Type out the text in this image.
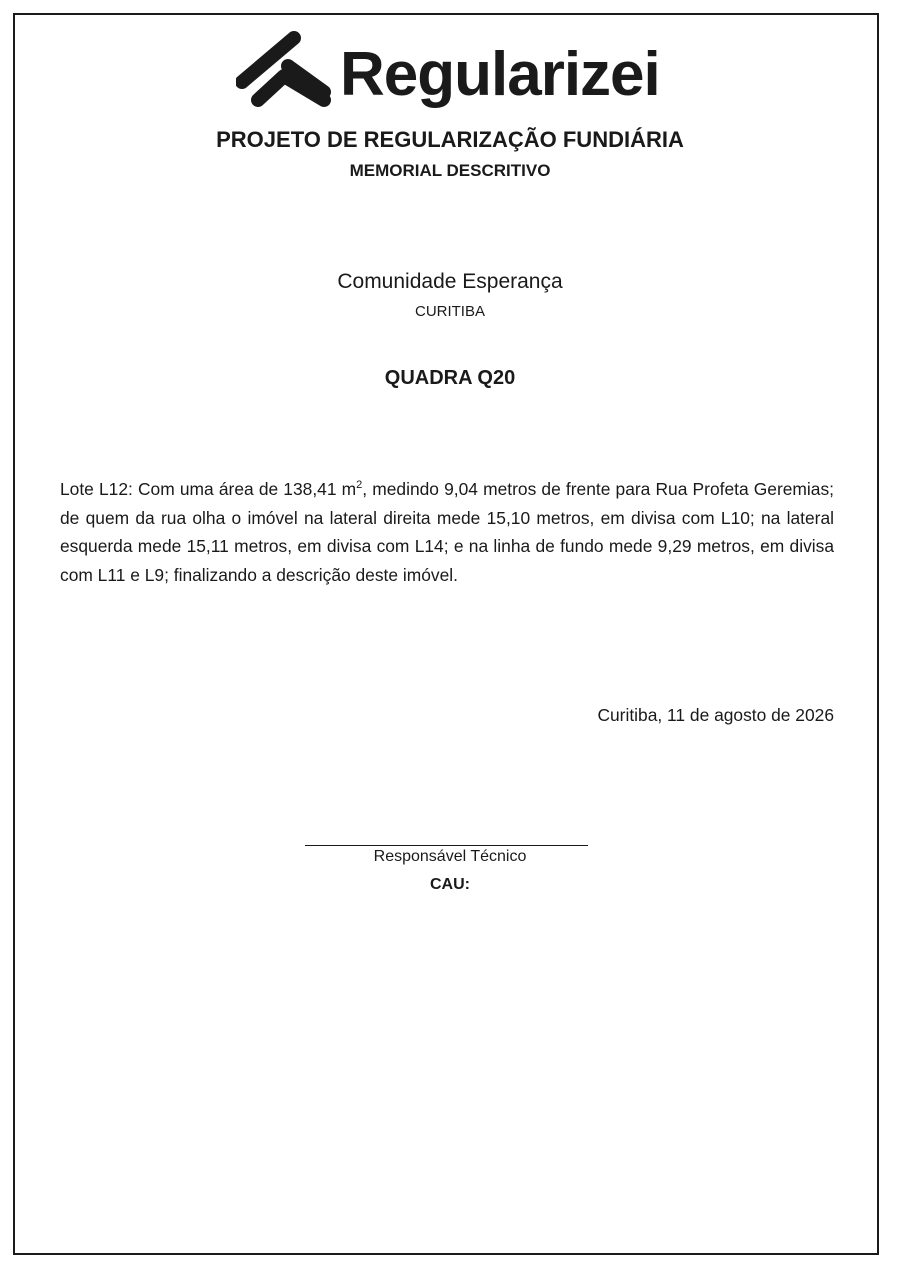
Regularizei
PROJETO DE REGULARIZAÇÃO FUNDIÁRIA
MEMORIAL DESCRITIVO
Comunidade Esperança
CURITIBA
QUADRA Q20

Lote L12: Com uma área de 138,41 $m^2$, medindo 9,04 metros de frente para Rua Profeta Geremias; de quem da rua olha o imóvel na lateral direita mede 15,10 metros, em divisa com L10; na lateral esquerda mede 15,11 metros, em divisa com L14; e na linha de fundo mede 9,29 metros, em divisa com L11 e L9; finalizando a descrição deste imóvel.

Curitiba, 11 de agosto de 2026
Responsável Técnico
CAU:
